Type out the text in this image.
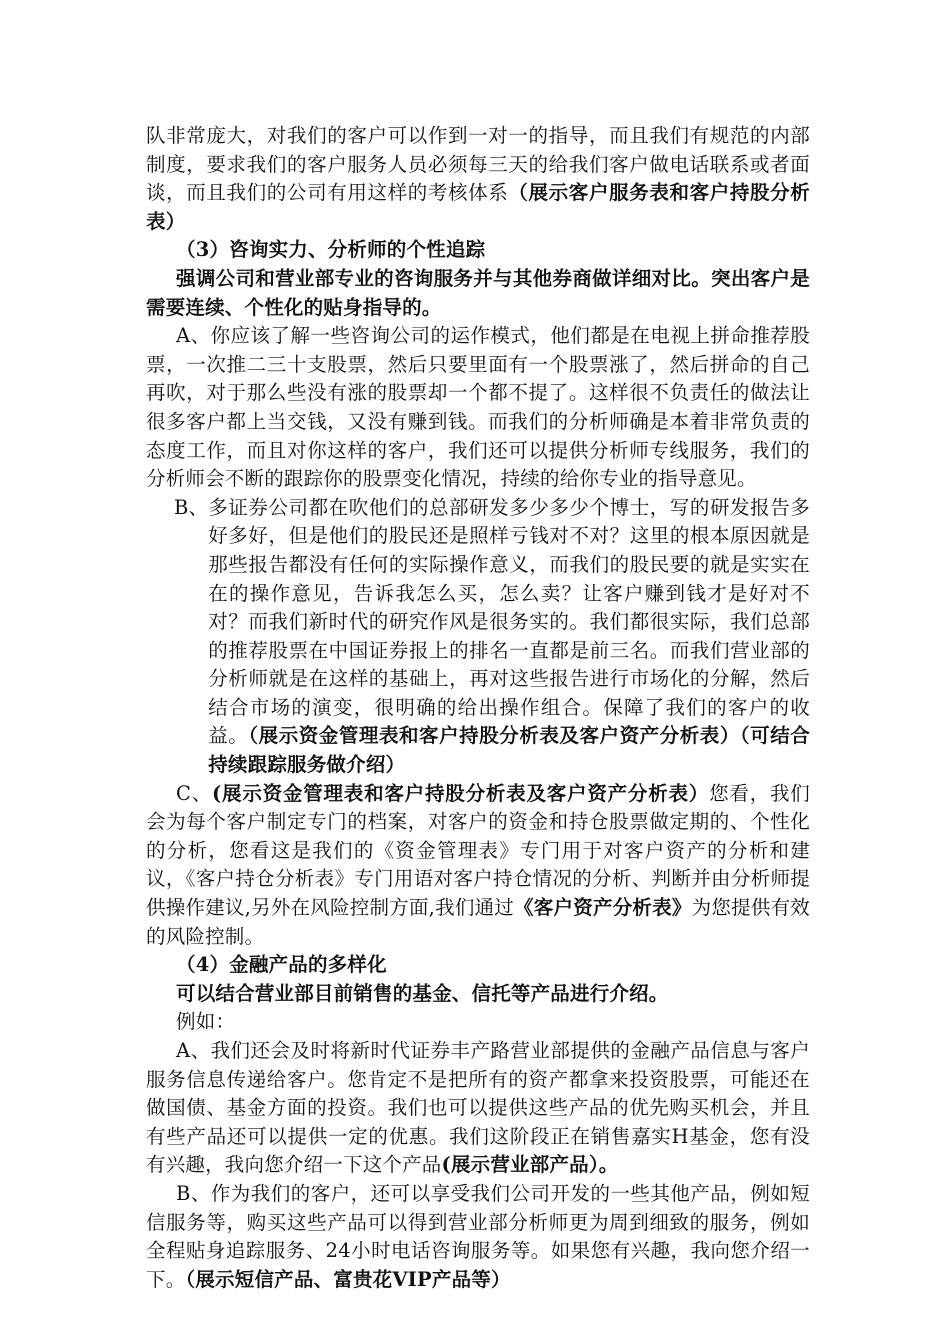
队非常庞大，对我们的客户可以作到一对一的指导，而且我们有规范的内部制度，要求我们的客户服务人员必须每三天的给我们客户做电话联系或者面谈，而且我们的公司有用这样的考核体系（展示客户服务表和客户持股分析表）

（3）咨询实力、分析师的个性追踪

强调公司和营业部专业的咨询服务并与其他券商做详细对比。突出客户是需要连续、个性化的贴身指导的。

A、你应该了解一些咨询公司的运作模式，他们都是在电视上拼命推荐股票，一次推二三十支股票，然后只要里面有一个股票涨了，然后拼命的自己再吹，对于那么些没有涨的股票却一个都不提了。这样很不负责任的做法让很多客户都上当交钱，又没有赚到钱。而我们的分析师确是本着非常负责的态度工作，而且对你这样的客户，我们还可以提供分析师专线服务，我们的分析师会不断的跟踪你的股票变化情况，持续的给你专业的指导意见。

B、 多证券公司都在吹他们的总部研发多少多少个博士，写的研发报告多好多好，但是他们的股民还是照样亏钱对不对？这里的根本原因就是那些报告都没有任何的实际操作意义，而我们的股民要的就是实实在在的操作意见，告诉我怎么买，怎么卖？让客户赚到钱才是好对不对？而我们新时代的研究作风是很务实的。我们都很实际，我们总部的推荐股票在中国证券报上的排名一直都是前三名。而我们营业部的分析师就是在这样的基础上，再对这些报告进行市场化的分解，然后结合市场的演变，很明确的给出操作组合。保障了我们的客户的收益。（展示资金管理表和客户持股分析表及客户资产分析表）（可结合持续跟踪服务做介绍）

C、(展示资金管理表和客户持股分析表及客户资产分析表）您看，我们会为每个客户制定专门的档案，对客户的资金和持仓股票做定期的、个性化的分析，您看这是我们的《资金管理表》专门用于对客户资产的分析和建议，《客户持仓分析表》专门用语对客户持仓情况的分析、判断并由分析师提供操作建议,另外在风险控制方面,我们通过《客户资产分析表》为您提供有效的风险控制。

（4）金融产品的多样化

可以结合营业部目前销售的基金、信托等产品进行介绍。

例如：

A、我们还会及时将新时代证券丰产路营业部提供的金融产品信息与客户服务信息传递给客户。您肯定不是把所有的资产都拿来投资股票，可能还在做国债、基金方面的投资。我们也可以提供这些产品的优先购买机会，并且有些产品还可以提供一定的优惠。我们这阶段正在销售嘉实H基金，您有没有兴趣，我向您介绍一下这个产品(展示营业部产品）。

B、作为我们的客户，还可以享受我们公司开发的一些其他产品，例如短信服务等，购买这些产品可以得到营业部分析师更为周到细致的服务，例如全程贴身追踪服务、24小时电话咨询服务等。如果您有兴趣，我向您介绍一下。（展示短信产品、富贵花VIP产品等）
